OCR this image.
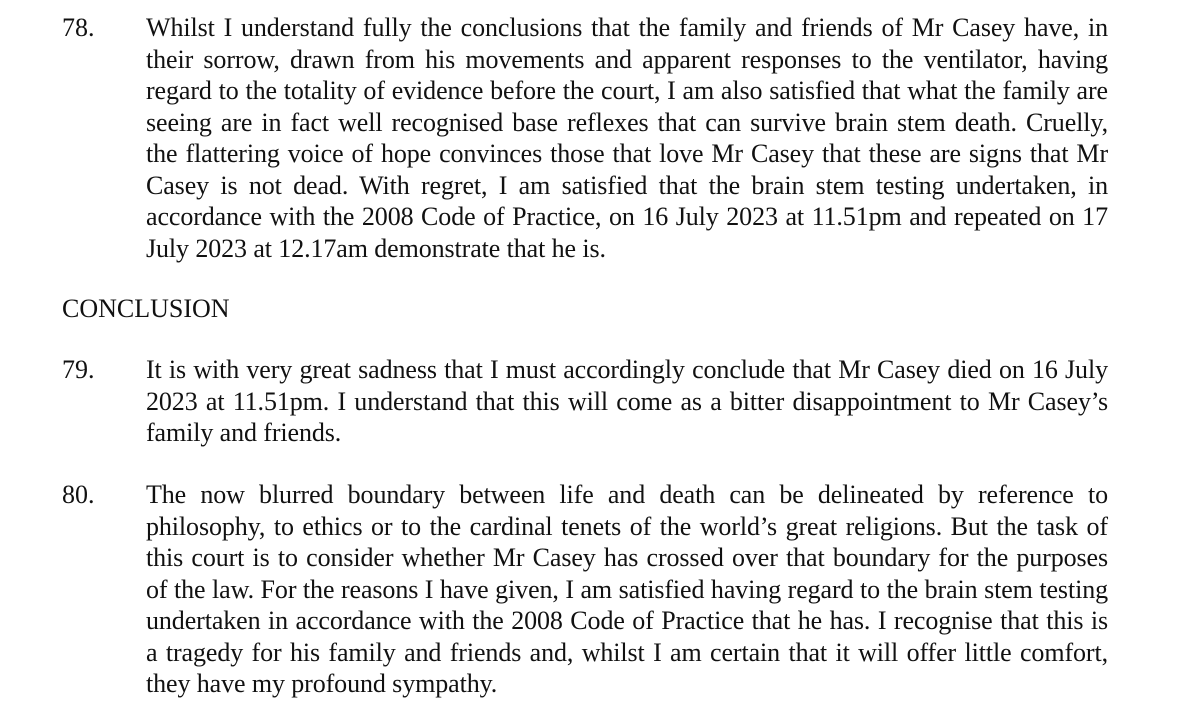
78.	Whilst I understand fully the conclusions that the family and friends of Mr Casey have, in their sorrow, drawn from his movements and apparent responses to the ventilator, having regard to the totality of evidence before the court, I am also satisfied that what the family are seeing are in fact well recognised base reflexes that can survive brain stem death. Cruelly, the flattering voice of hope convinces those that love Mr Casey that these are signs that Mr Casey is not dead. With regret, I am satisfied that the brain stem testing undertaken, in accordance with the 2008 Code of Practice, on 16 July 2023 at 11.51pm and repeated on 17 July 2023 at 12.17am demonstrate that he is.
CONCLUSION
79.	It is with very great sadness that I must accordingly conclude that Mr Casey died on 16 July 2023 at 11.51pm. I understand that this will come as a bitter disappointment to Mr Casey’s family and friends.
80.	The now blurred boundary between life and death can be delineated by reference to philosophy, to ethics or to the cardinal tenets of the world’s great religions. But the task of this court is to consider whether Mr Casey has crossed over that boundary for the purposes of the law. For the reasons I have given, I am satisfied having regard to the brain stem testing undertaken in accordance with the 2008 Code of Practice that he has. I recognise that this is a tragedy for his family and friends and, whilst I am certain that it will offer little comfort, they have my profound sympathy.
